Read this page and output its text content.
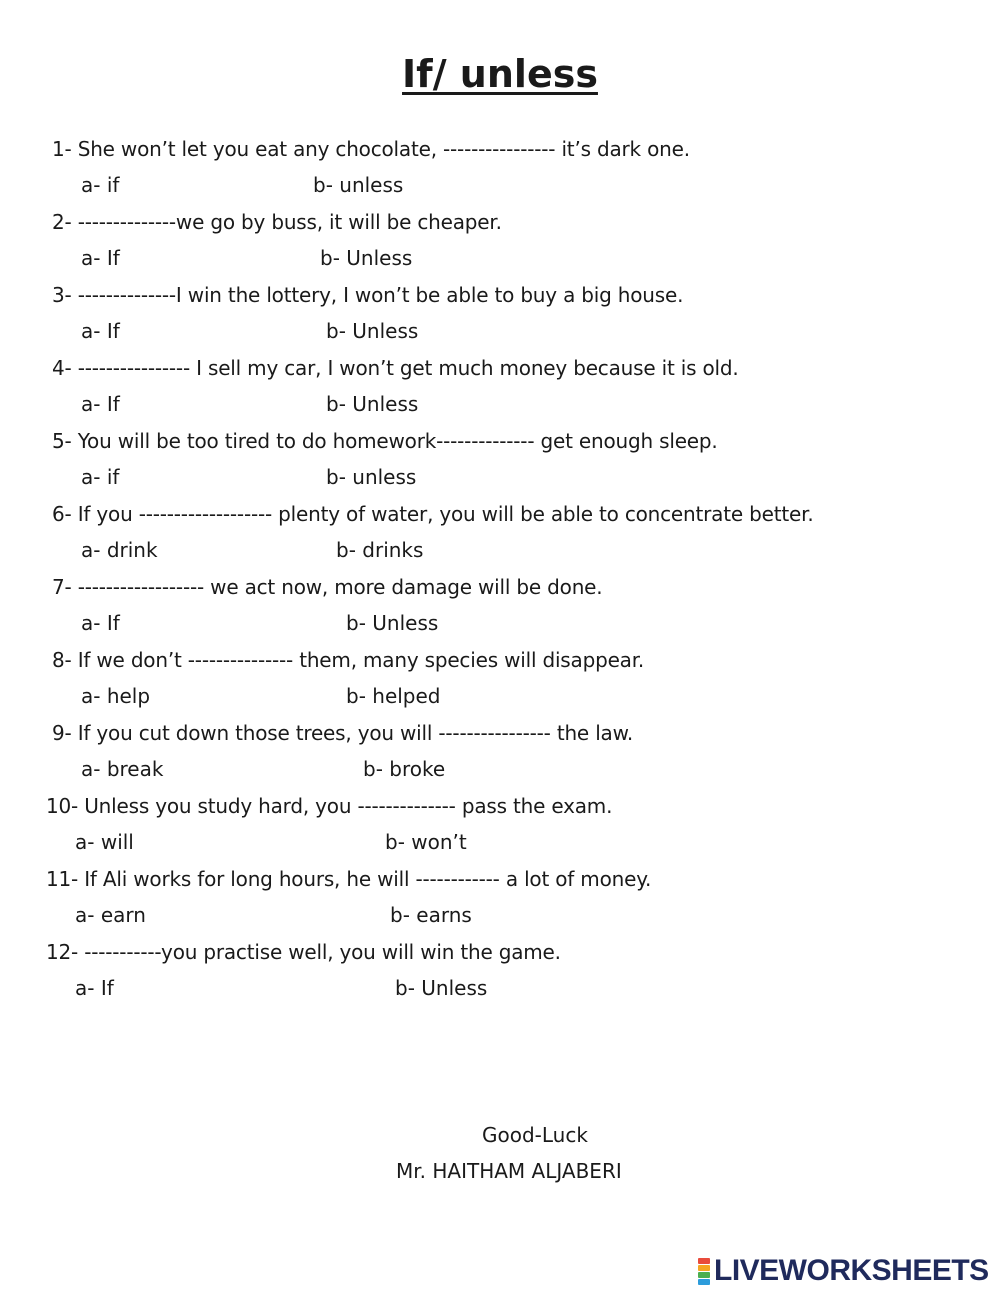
If/ unless
1- She won’t let you eat any chocolate, ---------------- it’s dark one.
a- if	b- unless
2- --------------we go by buss, it will be cheaper.
a- If	b- Unless
3- --------------I win the lottery, I won’t be able to buy a big house.
a- If	b- Unless
4- ---------------- I sell my car, I won’t get much money because it is old.
a- If	b- Unless
5- You will be too tired to do homework-------------- get enough sleep.
a- if	b- unless
6- If you ------------------- plenty of water, you will be able to concentrate better.
a- drink	b- drinks
7- ------------------ we act now, more damage will be done.
a- If	b- Unless
8- If we don’t --------------- them, many species will disappear.
a- help	b- helped
9- If you cut down those trees, you will ---------------- the law.
a- break	b- broke
10- Unless you study hard, you -------------- pass the exam.
a- will	b- won’t
11- If Ali works for long hours, he will ------------ a lot of money.
a- earn	b- earns
12- -----------you practise well, you will win the game.
a- If	b- Unless
Good-Luck
Mr. HAITHAM ALJABERI
LIVEWORKSHEETS
